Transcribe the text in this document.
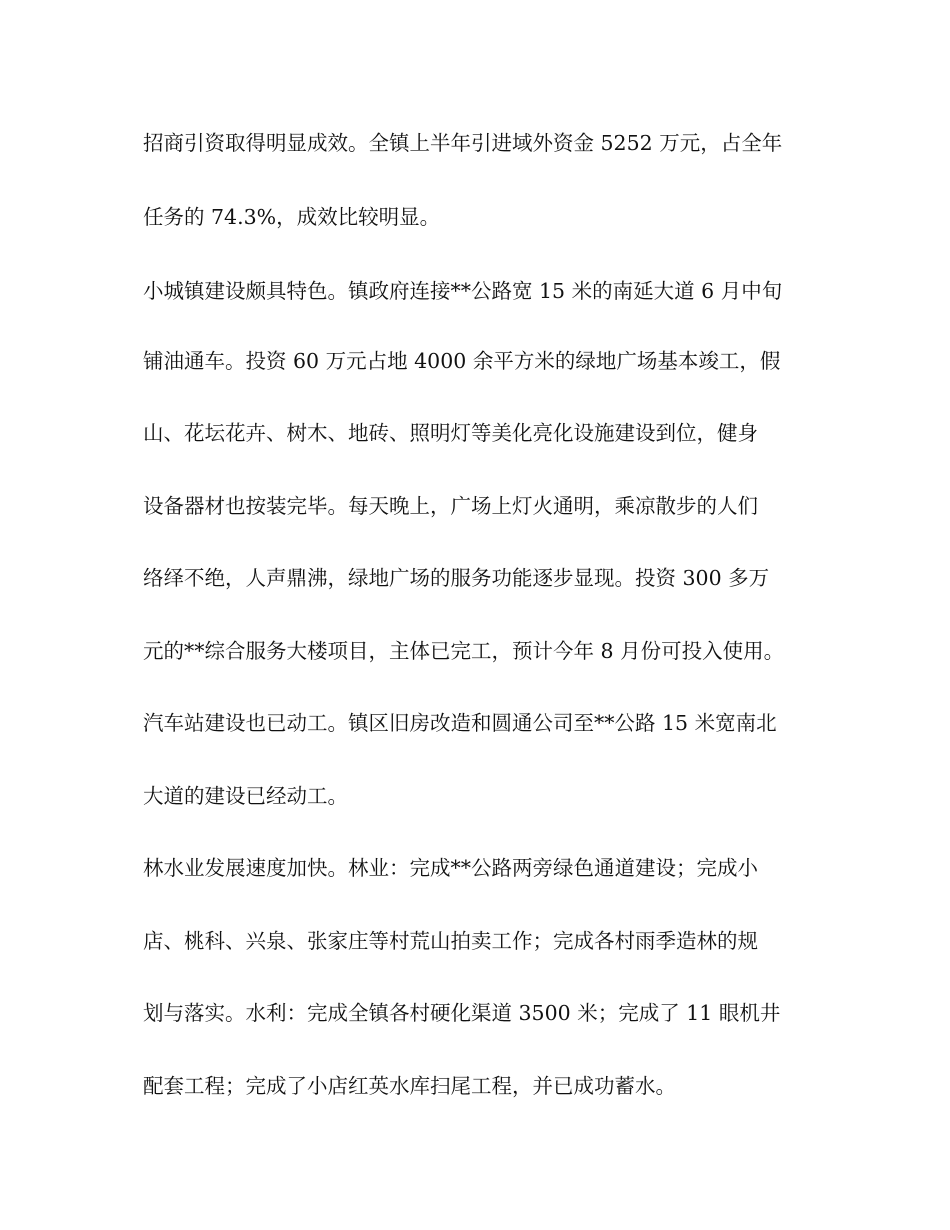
招商引资取得明显成效。全镇上半年引进域外资金 5252 万元，占全年
任务的 74.3%，成效比较明显。
小城镇建设颇具特色。镇政府连接**公路宽 15 米的南延大道 6 月中旬
铺油通车。投资 60 万元占地 4000 余平方米的绿地广场基本竣工，假
山、花坛花卉、树木、地砖、照明灯等美化亮化设施建设到位，健身
设备器材也按装完毕。每天晚上，广场上灯火通明，乘凉散步的人们
络绎不绝，人声鼎沸，绿地广场的服务功能逐步显现。投资 300 多万
元的**综合服务大楼项目，主体已完工，预计今年 8 月份可投入使用。
汽车站建设也已动工。镇区旧房改造和圆通公司至**公路 15 米宽南北
大道的建设已经动工。
林水业发展速度加快。林业：完成**公路两旁绿色通道建设；完成小
店、桃科、兴泉、张家庄等村荒山拍卖工作；完成各村雨季造林的规
划与落实。水利：完成全镇各村硬化渠道 3500 米；完成了 11 眼机井
配套工程；完成了小店红英水库扫尾工程，并已成功蓄水。
